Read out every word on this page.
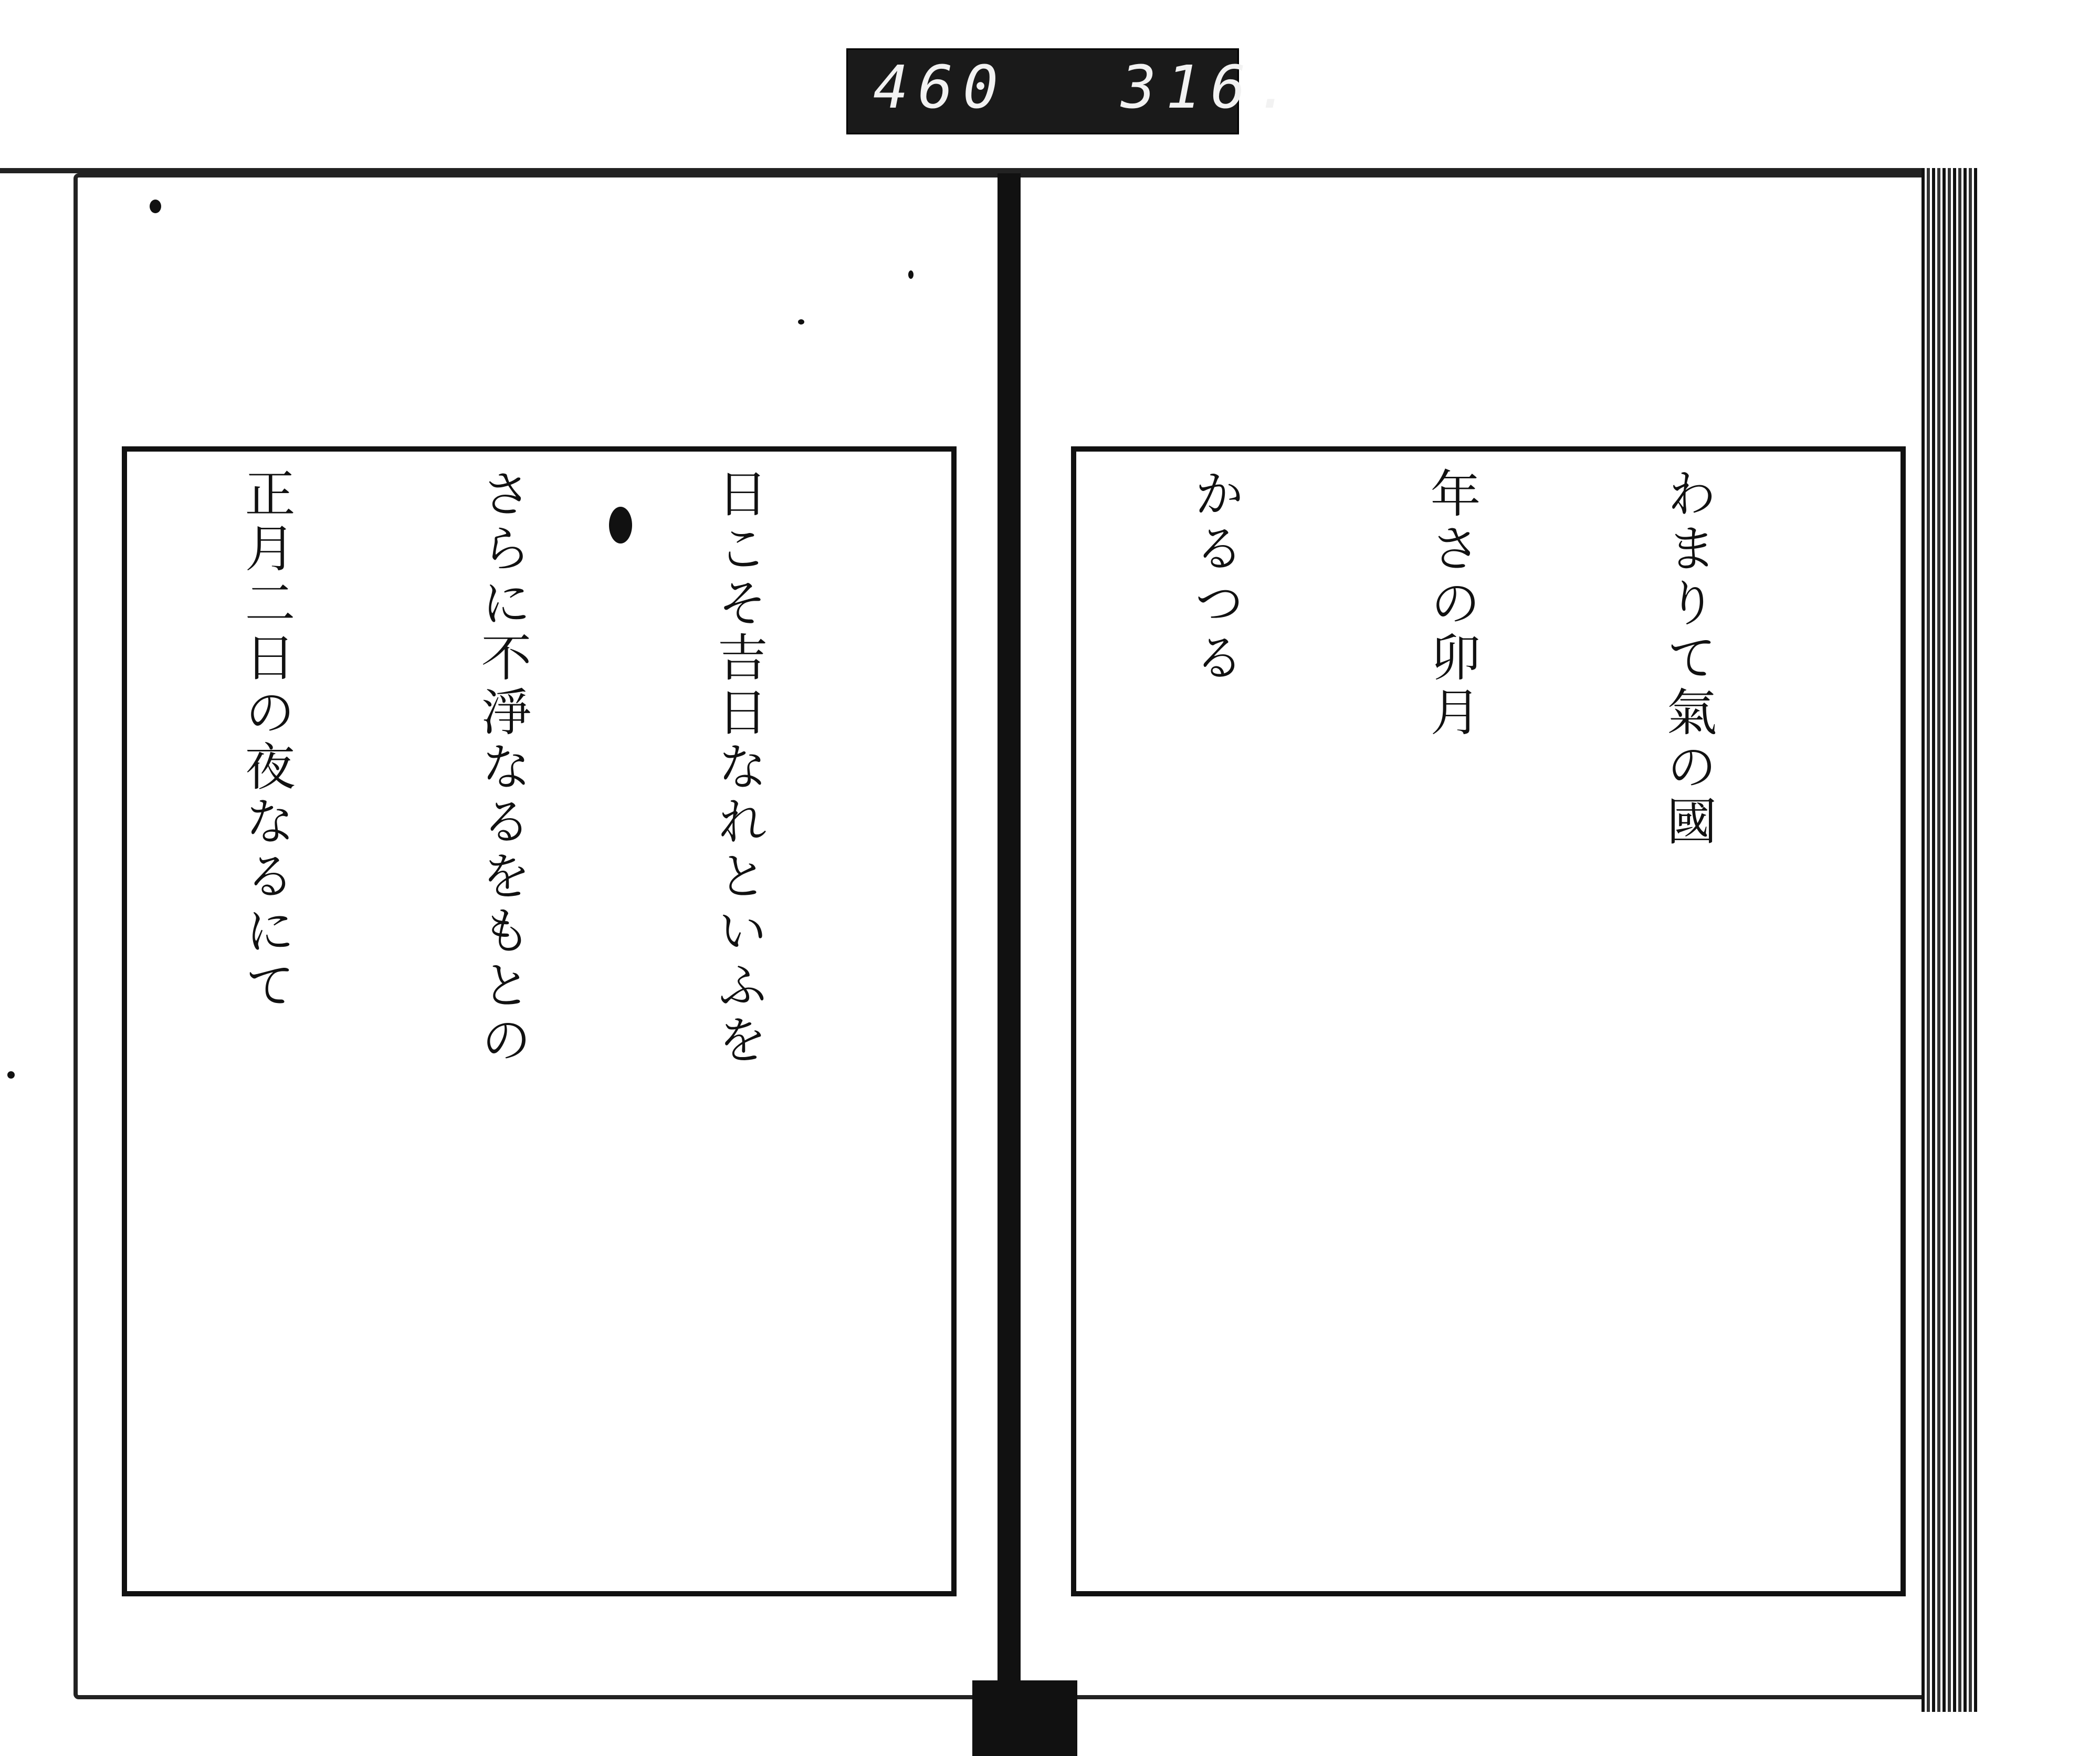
460 316.

日こそ吉日なれといふを

さらに不淨なるをもとの

正月二日の夜なるにて

	わまりて氣の國

年さの卯月

かるつる
